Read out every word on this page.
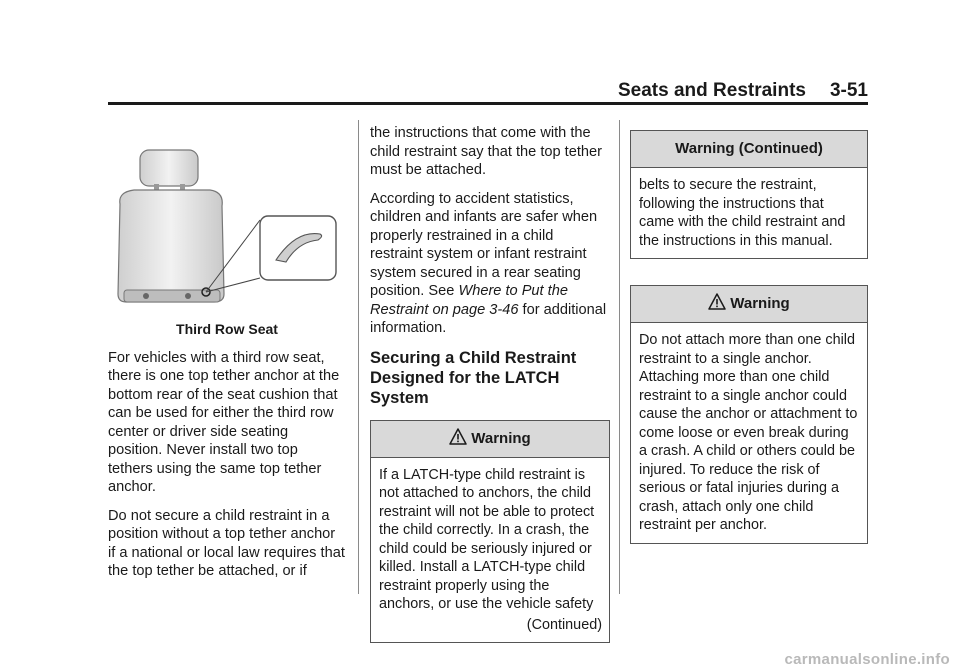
Seats and Restraints 3-51
Third Row Seat

For vehicles with a third row seat, there is one top tether anchor at the bottom rear of the seat cushion that can be used for either the third row center or driver side seating position. Never install two top tethers using the same top tether anchor.

Do not secure a child restraint in a position without a top tether anchor if a national or local law requires that the top tether be attached, or if

the instructions that come with the child restraint say that the top tether must be attached.

According to accident statistics, children and infants are safer when properly restrained in a child restraint system or infant restraint system secured in a rear seating position. See Where to Put the Restraint on page 3-46 for additional information.

Securing a Child Restraint Designed for the LATCH System
Warning
If a LATCH-type child restraint is not attached to anchors, the child restraint will not be able to protect the child correctly. In a crash, the child could be seriously injured or killed. Install a LATCH-type child restraint properly using the anchors, or use the vehicle safety
(Continued)
Warning (Continued)
belts to secure the restraint, following the instructions that came with the child restraint and the instructions in this manual.
Warning
Do not attach more than one child restraint to a single anchor. Attaching more than one child restraint to a single anchor could cause the anchor or attachment to come loose or even break during a crash. A child or others could be injured. To reduce the risk of serious or fatal injuries during a crash, attach only one child restraint per anchor.
carmanualsonline.info
